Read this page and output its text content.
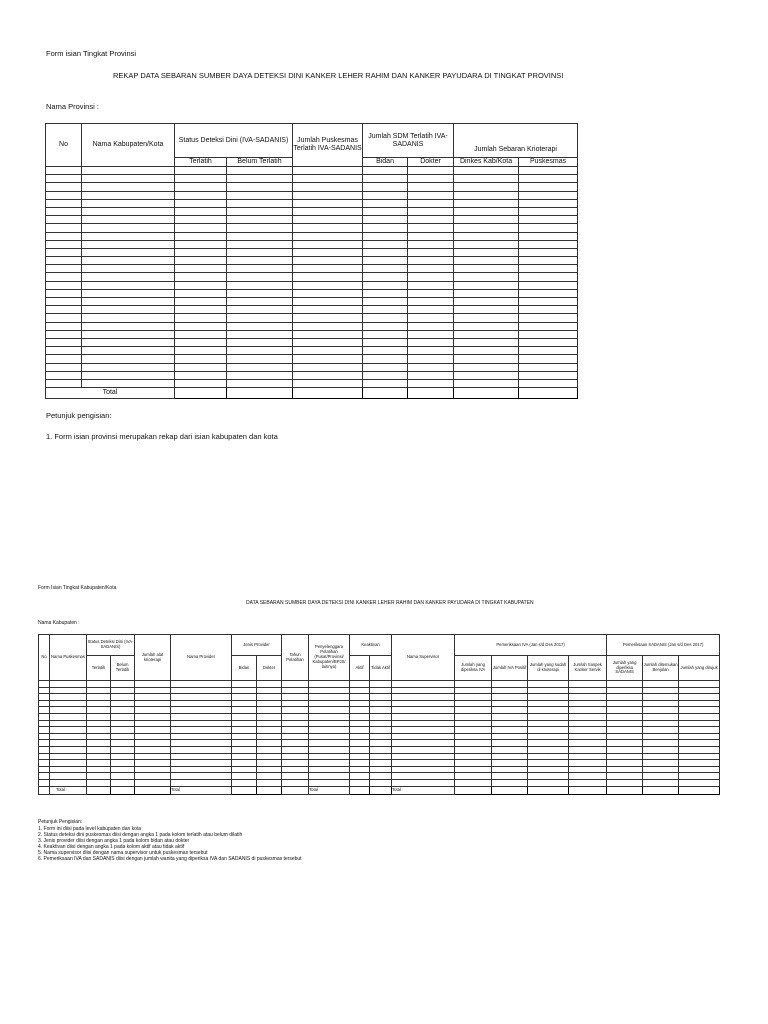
Form isian Tingkat Provinsi
REKAP DATA SEBARAN SUMBER DAYA DETEKSI DINI KANKER LEHER RAHIM DAN KANKER PAYUDARA DI TINGKAT PROVINSI
Nama Provinsi :
No	Nama Kabupaten/Kota	Status Deteksi Dini (IVA-SADANIS)		Jumlah Puskesmas Terlatih IVA-SADANIS	Jumlah SDM Terlatih IVA-SADANIS		Jumlah Sebaran Krioterapi	
		Terlatih	Belum Terlatih		Bidan	Dokter	Dinkes Kab/Kota	Puskesmas

Total								
Petunjuk pengisian:
1. Form isian provinsi merupakan rekap dari isian kabupaten dan kota
Form Isian Tingkat Kabupaten/Kota
DATA SEBARAN SUMBER DAYA DETEKSI DINI KANKER LEHER RAHIM DAN KANKER PAYUDARA DI TINGKAT KABUPATEN
Nama Kabupaten :
No	Nama Puskesmas	Status Deteksi Dini (IVA-SADANIS)		Jumlah alat krioterapi	Nama Provider	Jenis Provider		Tahun Pelatihan	Penyelenggara Pelatihan (Pusat/Provinsi/ Kabupaten/BPJS/ lainnya)	Keaktivan		Nama Supervisor	Pemeriksaan IVA (Jan s/d Des 2017)				Pemeriksaan SADANIS (Jan s/d Des 2017)		
		Terlatih	Belum Terlatih			Bidan	Dokter			Aktif	Tidak Aktif		Jumlah yang diperiksa IVA	Jumlah IVA Positif	Jumlah yang sudah di krioterapi	Jumlah Suspek Kanker Servik	Jumlah yang diperiksa SADANIS	Jumlah ditemukan Benjolan	Jumlah yang dirujuk

	Total				Total				Total			Total							
Petunjuk Pengisian:
1. Form ini diisi pada level kabupaten dan kota
2. Status deteksi dini puskesmas diisi dengan angka 1 pada kolom terlatih atau belum dilatih
3. Jenis provider diisi dengan angka 1 pada kolom bidan atau dokter
4. Keaktivan diisi dengan angka 1 pada kolom aktif atau tidak aktif
5. Nama supervisor diisi dengan nama supervisor untuk puskesmas tersebut
6. Pemeriksaan IVA dan SADANIS diisi dengan jumlah wanita yang diperiksa IVA dan SADANIS di puskesmas tersebut
